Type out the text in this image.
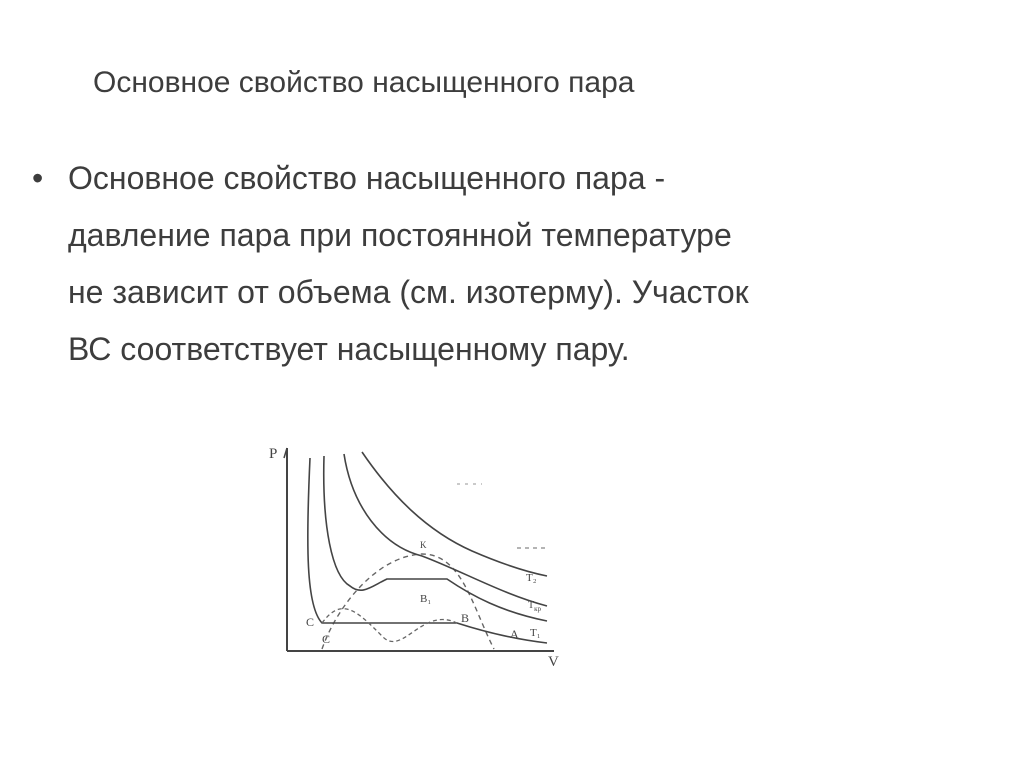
Основное свойство насыщенного пара
• Основное свойство насыщенного пара -
давление пара при постоянной температуре
не зависит от объема (см. изотерму). Участок
ВС соответствует насыщенному пару.
P
V
K
C
C
B
B₁
A
T₂
$T_{кр}$
T₁
